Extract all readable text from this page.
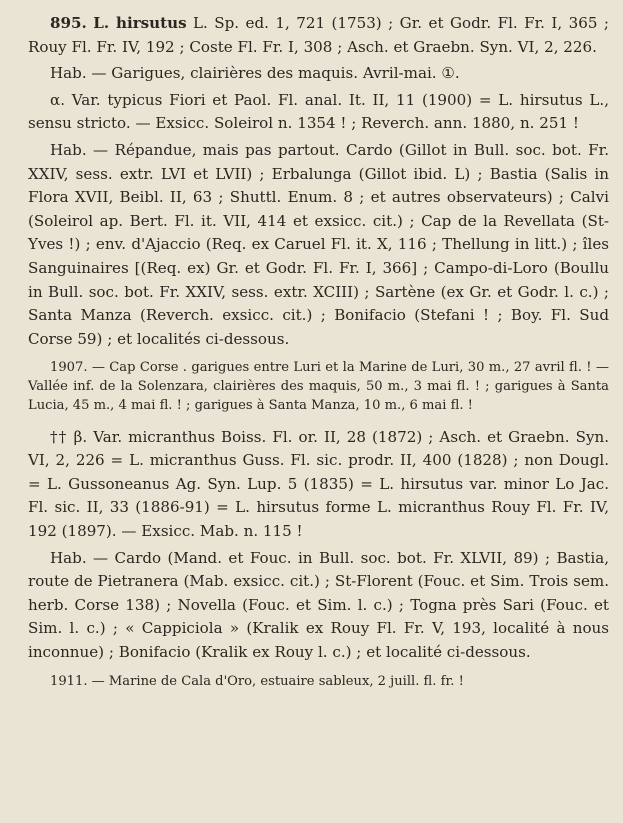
895. L. hirsutus L. Sp. ed. 1, 721 (1753) ; Gr. et Godr. Fl. Fr. I, 365 ; Rouy Fl. Fr. IV, 192 ; Coste Fl. Fr. I, 308 ; Asch. et Graebn. Syn. VI, 2, 226.

Hab. — Garigues, clairières des maquis. Avril-mai. ①.

α. Var. typicus Fiori et Paol. Fl. anal. It. II, 11 (1900) = L. hirsutus L., sensu stricto. — Exsicc. Soleirol n. 1354 ! ; Reverch. ann. 1880, n. 251 !

Hab. — Répandue, mais pas partout. Cardo (Gillot in Bull. soc. bot. Fr. XXIV, sess. extr. LVI et LVII) ; Erbalunga (Gillot ibid. L) ; Bastia (Salis in Flora XVII, Beibl. II, 63 ; Shuttl. Enum. 8 ; et autres observateurs) ; Calvi (Soleirol ap. Bert. Fl. it. VII, 414 et exsicc. cit.) ; Cap de la Revellata (St-Yves !) ; env. d'Ajaccio (Req. ex Caruel Fl. it. X, 116 ; Thellung in litt.) ; îles Sanguinaires [(Req. ex) Gr. et Godr. Fl. Fr. I, 366] ; Campo-di-Loro (Boullu in Bull. soc. bot. Fr. XXIV, sess. extr. XCIII) ; Sartène (ex Gr. et Godr. l. c.) ; Santa Manza (Reverch. exsicc. cit.) ; Bonifacio (Stefani ! ; Boy. Fl. Sud Corse 59) ; et localités ci-dessous.

1907. — Cap Corse . garigues entre Luri et la Marine de Luri, 30 m., 27 avril fl. ! — Vallée inf. de la Solenzara, clairières des maquis, 50 m., 3 mai fl. ! ; garigues à Santa Lucia, 45 m., 4 mai fl. ! ; garigues à Santa Manza, 10 m., 6 mai fl. !

†† β. Var. micranthus Boiss. Fl. or. II, 28 (1872) ; Asch. et Graebn. Syn. VI, 2, 226 = L. micranthus Guss. Fl. sic. prodr. II, 400 (1828) ; non Dougl. = L. Gussoneanus Ag. Syn. Lup. 5 (1835) = L. hirsutus var. minor Lo Jac. Fl. sic. II, 33 (1886-91) = L. hirsutus forme L. micranthus Rouy Fl. Fr. IV, 192 (1897). — Exsicc. Mab. n. 115 !

Hab. — Cardo (Mand. et Fouc. in Bull. soc. bot. Fr. XLVII, 89) ; Bastia, route de Pietranera (Mab. exsicc. cit.) ; St-Florent (Fouc. et Sim. Trois sem. herb. Corse 138) ; Novella (Fouc. et Sim. l. c.) ; Togna près Sari (Fouc. et Sim. l. c.) ; « Cappiciola » (Kralik ex Rouy Fl. Fr. V, 193, localité à nous inconnue) ; Bonifacio (Kralik ex Rouy l. c.) ; et localité ci-dessous.

1911. — Marine de Cala d'Oro, estuaire sableux, 2 juill. fl. fr. !
